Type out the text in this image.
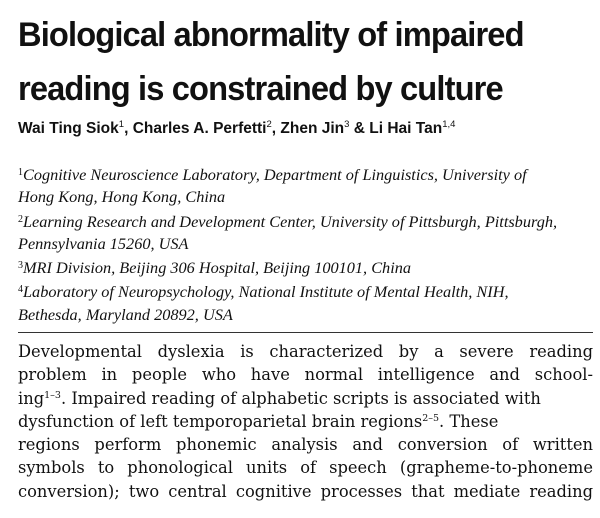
Biological abnormality of impaired
reading is constrained by culture
Wai Ting Siok$^1$, Charles A. Perfetti$^2$, Zhen Jin$^3$ & Li Hai Tan$^{1,4}$
$^1$Cognitive Neuroscience Laboratory, Department of Linguistics, University of
Hong Kong, Hong Kong, China
$^2$Learning Research and Development Center, University of Pittsburgh, Pittsburgh,
Pennsylvania 15260, USA
$^3$MRI Division, Beijing 306 Hospital, Beijing 100101, China
$^4$Laboratory of Neuropsychology, National Institute of Mental Health, NIH,
Bethesda, Maryland 20892, USA
Developmental dyslexia is characterized by a severe reading
problem in people who have normal intelligence and school-
ing$^{1-3}$. Impaired reading of alphabetic scripts is associated with
dysfunction of left temporoparietal brain regions$^{2-5}$. These
regions perform phonemic analysis and conversion of written
symbols to phonological units of speech (grapheme-to-phoneme
conversion); two central cognitive processes that mediate reading
